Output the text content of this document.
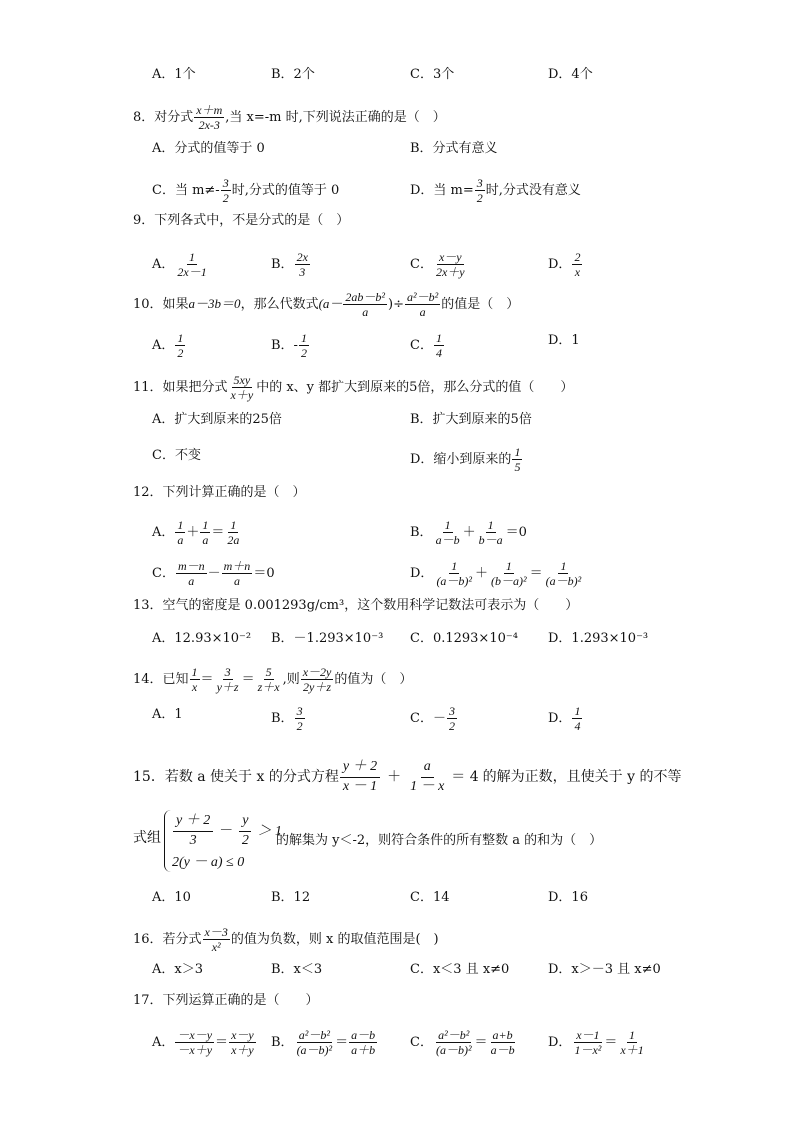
A．1个	B．2个	C．3个	D．4个
8．对分式 $\frac{x+m}{2x-3}$ ,当 x=-m 时,下列说法正确的是（　）
A．分式的值等于 0	B．分式有意义
C．当 $m\ne- \frac{3}{2}$ 时,分式的值等于 0	D．当 $m= \frac{3}{2}$ 时,分式没有意义
9．下列各式中，不是分式的是（　）
A． $\frac{1}{2x-1}$	B． $\frac{2x}{3}$	C． $\frac{x-y}{2x+y}$	D． $\frac{2}{x}$
10．如果a－3b＝0，那么代数式($a- \frac{\text{2ab－b²}}{a}$ )÷ $\frac{\text{a²－b²}}{a}$ 的值是（　）
A． $\frac{1}{2}$	B．- $\frac{1}{2}$	C． $\frac{1}{4}$	D．1
11．如果把分式 $\frac{5xy}{x+y}$ 中的 x、y 都扩大到原来的5倍，那么分式的值（　　）
A．扩大到原来的25倍	B．扩大到原来的5倍
C．不变	D．缩小到原来的 $\frac{1}{5}$
12．下列计算正确的是（　）
A． $\frac{1}{a} + \frac{1}{a} = \frac{1}{2a}$	B． $\frac{1}{a-b} + \frac{1}{b-a} =0$
C． $\frac{m-n}{a} - \frac{m+n}{a} =0$	D． $\frac{1}{\text{(a－b)²}} + \frac{1}{\text{(b－a)²}} = \frac{1}{\text{(a－b)²}}$
13．空气的密度是 0.001293g/cm³，这个数用科学记数法可表示为（　　）
A．12.93×10⁻² B．－1.293×10⁻³ C．0.1293×10⁻⁴ D．1.293×10⁻³
14．已知 $\frac{1}{x} = \frac{3}{y+z} = \frac{5}{z+x}$ ,则 $\frac{x-2y}{2y+z}$ 的值为（　）
A．1	B． $\frac{3}{2}$	C．－ $\frac{3}{2}$	D． $\frac{1}{4}$
15．若数 a 使关于 x 的分式方程 $\frac{y + 2}{x - 1} + \frac{a}{1 - x} = 4$ 的解为正数，且使关于 y 的不等
式组 $\frac{y + 2}{3} - \frac{y}{2} > 1$
2(y － a) ≤ 0
的解集为 y＜-2，则符合条件的所有整数 a 的和为（　）
A．10	B．12	C．14	D．16
16．若分式 $\frac{x-3}{\text{x²}}$ 的值为负数，则 x 的取值范围是(　)
A．x＞3	B．x＜3	C．x＜3 且 x≠0	D．x＞－3 且 x≠0
17．下列运算正确的是（　　）
A． $\frac{-x-y}{-x+y} = \frac{x-y}{x+y}$ B． $\frac{\text{a²－b²}}{\text{(a－b)²}} = \frac{a-b}{a+b}$	C． $\frac{\text{a²－b²}}{\text{(a－b)²}} = \frac{a+b}{a-b}$ D． $\frac{x-1}{\text{1－x²}} = \frac{1}{x+1}$
